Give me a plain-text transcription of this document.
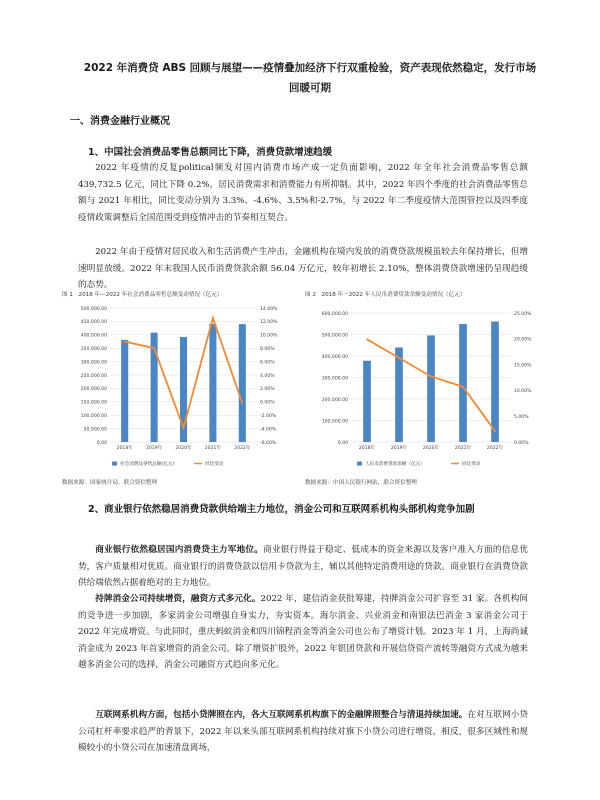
2022 年消费贷 ABS 回顾与展望——疫情叠加经济下行双重检验，资产表现依然稳定，发行市场回暖可期
一、消费金融行业概况
1、中国社会消费品零售总额同比下降，消费贷款增速趋缓

2022 年疫情的反复political频发对国内消费市场产成一定负面影响，2022 年全年社会消费品零售总额 439,732.5 亿元，同比下降 0.2%，居民消费需求和消费能力有所抑制。其中，2022 年四个季度的社会消费品零售总额与 2021 年相比，同比变动分别为 3.3%、-4.6%、3.5%和-2.7%，与 2022 年二季度疫情大范围管控以及四季度疫情政策调整后全国范围受到疫情冲击的节奏相互契合。

2022 年由于疫情对居民收入和生活消费产生冲击，金融机构在境内发放的消费贷款规模虽较去年保持增长，但增速明显放缓。2022 年末我国人民币消费贷款余额 56.04 万亿元，较年初增长 2.10%，整体消费贷款增速仍呈现趋缓的态势。

图 1　2018 年—2022 年社会消费品零售总额变动情况（亿元）
0.00
50,000.00
100,000.00
150,000.00
200,000.00
250,000.00
300,000.00
350,000.00
400,000.00
450,000.00
500,000.00
-6.00%
-4.00%
-2.00%
0.00%
2.00%
4.00%
6.00%
8.00%
10.00%
12.00%
14.00%
2018年	2019年	2020年	2021年	2022年
社会消费品零售总额(亿元)	同比变动
数据来源：国家统计局，联合资信整理
图 2　2018 年－2022 年人民币消费贷款余额变动情况（亿元）
0.00
100,000.00
200,000.00
300,000.00
400,000.00
500,000.00
600,000.00
0.00%
5.00%
10.00%
15.00%
20.00%
25.00%
2018年	2019年	2020年	2021年	2022年
人民币消费贷款余额（亿元）	同比变动
数据来源：中国人民银行网站，联合资信整理
2、商业银行依然稳居消费贷款供给端主力地位，消金公司和互联网系机构头部机构竞争加剧

商业银行依然稳居国内消费贷主力军地位。商业银行得益于稳定、低成本的资金来源以及客户准入方面的信息优势，客户质量相对优质。商业银行的消费贷款以信用卡贷款为主，辅以其他特定消费用途的贷款。商业银行在消费贷款供给端依然占据着绝对的主力地位。

持牌消金公司持续增资，融资方式多元化。2022 年，建信消金获批筹建，持牌消金公司扩容至 31 家。各机构间的竞争进一步加剧，多家消金公司增强自身实力，夯实资本。海尔消金、兴业消金和南银法巴消金 3 家消金公司于 2022 年完成增资。与此同时，重庆蚂蚁消金和四川锦程消金等消金公司也公布了增资计划。2023 年 1 月，上海尚诚消金成为 2023 年首家增资的消金公司。除了增资扩股外，2022 年银团贷款和开展信贷资产流转等融资方式成为越来越多消金公司的选择，消金公司融资方式趋向多元化。

互联网系机构方面，包括小贷牌照在内，各大互联网系机构旗下的金融牌照整合与清退持续加速。在对互联网小贷公司杠杆率要求趋严的背景下，2022 年以来头部互联网系机构持续对旗下小贷公司进行增资，相反，很多区域性和规模较小的小贷公司在加速清盘离场，
